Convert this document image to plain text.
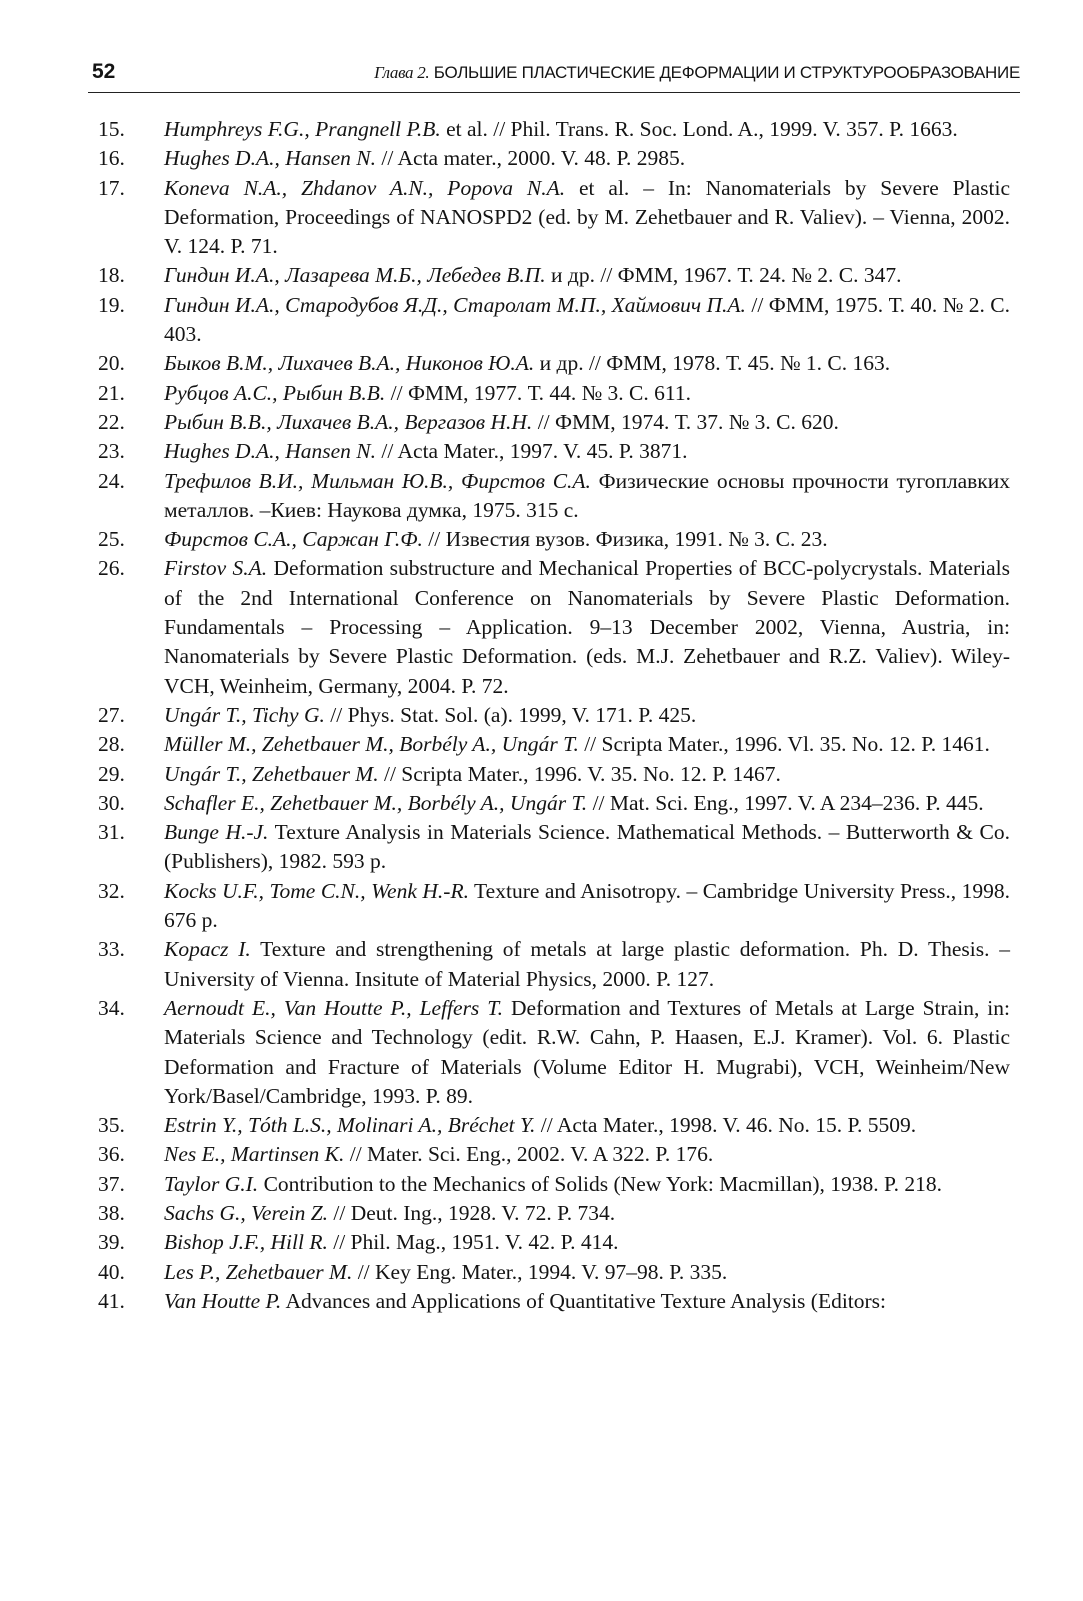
52	Глава 2. БОЛЬШИЕ ПЛАСТИЧЕСКИЕ ДЕФОРМАЦИИ И СТРУКТУРООБРАЗОВАНИЕ
15. Humphreys F.G., Prangnell P.B. et al. // Phil. Trans. R. Soc. Lond. A., 1999. V. 357. P. 1663.
16. Hughes D.A., Hansen N. // Acta mater., 2000. V. 48. P. 2985.
17. Koneva N.A., Zhdanov A.N., Popova N.A. et al. – In: Nanomaterials by Severe Plastic Deformation, Proceedings of NANOSPD2 (ed. by M. Zehetbauer and R. Valiev). – Vienna, 2002. V. 124. P. 71.
18. Гиндин И.А., Лазарева М.Б., Лебедев В.П. и др. // ФММ, 1967. Т. 24. № 2. С. 347.
19. Гиндин И.А., Стародубов Я.Д., Старолат М.П., Хаймович П.А. // ФММ, 1975. Т. 40. № 2. С. 403.
20. Быков В.М., Лихачев В.А., Никонов Ю.А. и др. // ФММ, 1978. Т. 45. № 1. С. 163.
21. Рубцов А.С., Рыбин В.В. // ФММ, 1977. Т. 44. № 3. С. 611.
22. Рыбин В.В., Лихачев В.А., Вергазов Н.Н. // ФММ, 1974. Т. 37. № 3. С. 620.
23. Hughes D.A., Hansen N. // Acta Mater., 1997. V. 45. P. 3871.
24. Трефилов В.И., Мильман Ю.В., Фирстов С.А. Физические основы прочности тугоплавких металлов. –Киев: Наукова думка, 1975. 315 с.
25. Фирстов С.А., Саржан Г.Ф. // Известия вузов. Физика, 1991. № 3. С. 23.
26. Firstov S.A. Deformation substructure and Mechanical Properties of BCC-polycrystals. Materials of the 2nd International Conference on Nanomaterials by Severe Plastic Deformation. Fundamentals – Processing – Application. 9–13 December 2002, Vienna, Austria, in: Nanomaterials by Severe Plastic Deformation. (eds. M.J. Zehetbauer and R.Z. Valiev). Wiley-VCH, Weinheim, Germany, 2004. P. 72.
27. Ungár T., Tichy G. // Phys. Stat. Sol. (a). 1999, V. 171. P. 425.
28. Müller M., Zehetbauer M., Borbély A., Ungár T. // Scripta Mater., 1996. Vl. 35. No. 12. P. 1461.
29. Ungár T., Zehetbauer M. // Scripta Mater., 1996. V. 35. No. 12. P. 1467.
30. Schafler E., Zehetbauer M., Borbély A., Ungár T. // Mat. Sci. Eng., 1997. V. A 234–236. P. 445.
31. Bunge H.-J. Texture Analysis in Materials Science. Mathematical Methods. – Butterworth & Co. (Publishers), 1982. 593 p.
32. Kocks U.F., Tome C.N., Wenk H.-R. Texture and Anisotropy. – Cambridge University Press., 1998. 676 p.
33. Kopacz I. Texture and strengthening of metals at large plastic deformation. Ph. D. Thesis. – University of Vienna. Insitute of Material Physics, 2000. P. 127.
34. Aernoudt E., Van Houtte P., Leffers T. Deformation and Textures of Metals at Large Strain, in: Materials Science and Technology (edit. R.W. Cahn, P. Haasen, E.J. Kramer). Vol. 6. Plastic Deformation and Fracture of Materials (Volume Editor H. Mugrabi), VCH, Weinheim/New York/Basel/Cambridge, 1993. P. 89.
35. Estrin Y., Tóth L.S., Molinari A., Bréchet Y. // Acta Mater., 1998. V. 46. No. 15. P. 5509.
36. Nes E., Martinsen K. // Mater. Sci. Eng., 2002. V. A 322. P. 176.
37. Taylor G.I. Contribution to the Mechanics of Solids (New York: Macmillan), 1938. P. 218.
38. Sachs G., Verein Z. // Deut. Ing., 1928. V. 72. P. 734.
39. Bishop J.F., Hill R. // Phil. Mag., 1951. V. 42. P. 414.
40. Les P., Zehetbauer M. // Key Eng. Mater., 1994. V. 97–98. P. 335.
41. Van Houtte P. Advances and Applications of Quantitative Texture Analysis (Editors:
